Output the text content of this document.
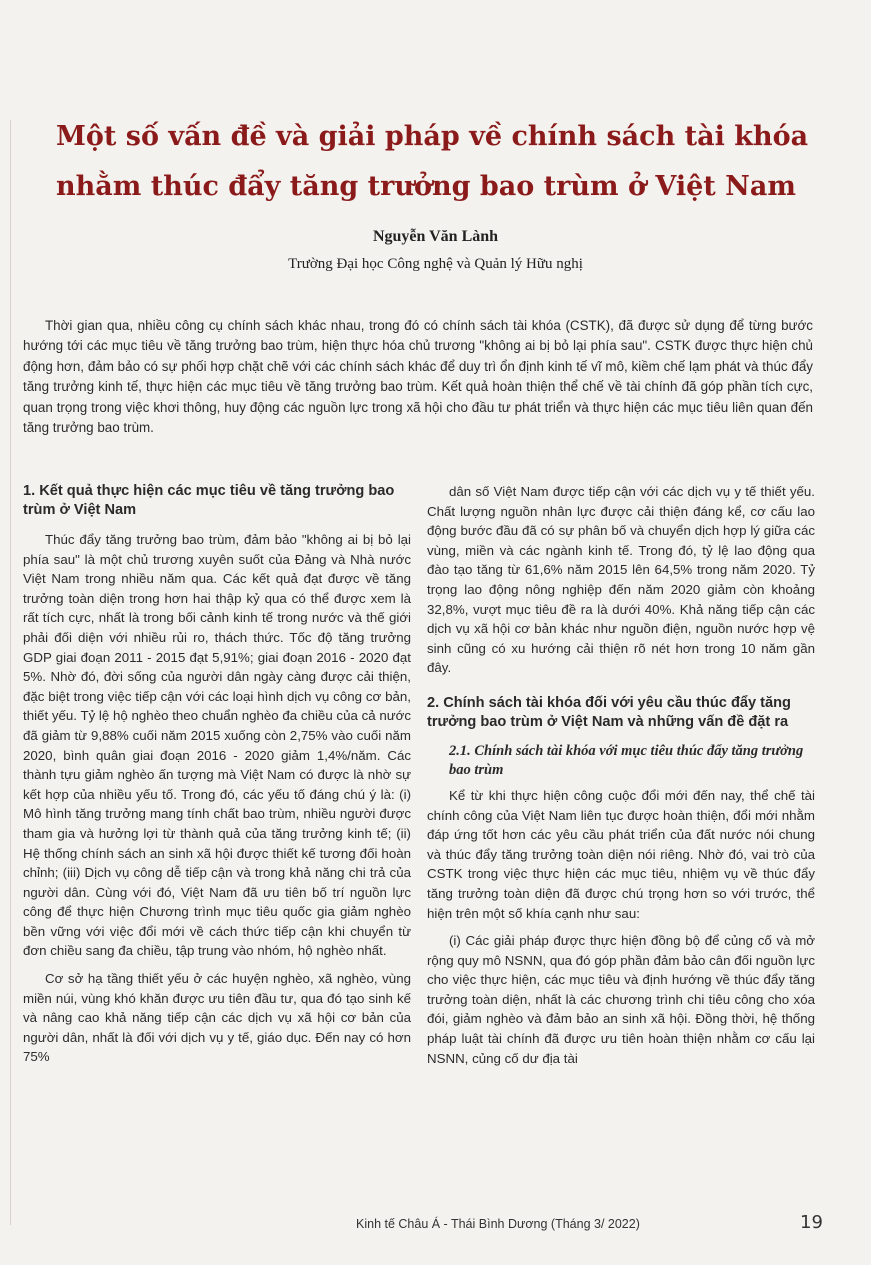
Một số vấn đề và giải pháp về chính sách tài khóa nhằm thúc đẩy tăng trưởng bao trùm ở Việt Nam

Nguyễn Văn Lành

Trường Đại học Công nghệ và Quản lý Hữu nghị

Thời gian qua, nhiều công cụ chính sách khác nhau, trong đó có chính sách tài khóa (CSTK), đã được sử dụng để từng bước hướng tới các mục tiêu về tăng trưởng bao trùm, hiện thực hóa chủ trương "không ai bị bỏ lại phía sau". CSTK được thực hiện chủ động hơn, đảm bảo có sự phối hợp chặt chẽ với các chính sách khác để duy trì ổn định kinh tế vĩ mô, kiềm chế lạm phát và thúc đẩy tăng trưởng kinh tế, thực hiện các mục tiêu về tăng trưởng bao trùm. Kết quả hoàn thiện thể chế về tài chính đã góp phần tích cực, quan trọng trong việc khơi thông, huy động các nguồn lực trong xã hội cho đầu tư phát triển và thực hiện các mục tiêu liên quan đến tăng trưởng bao trùm.

1. Kết quả thực hiện các mục tiêu về tăng trưởng bao trùm ở Việt Nam

Thúc đẩy tăng trưởng bao trùm, đảm bảo "không ai bị bỏ lại phía sau" là một chủ trương xuyên suốt của Đảng và Nhà nước Việt Nam trong nhiều năm qua. Các kết quả đạt được về tăng trưởng toàn diện trong hơn hai thập kỷ qua có thể được xem là rất tích cực, nhất là trong bối cảnh kinh tế trong nước và thế giới phải đối diện với nhiều rủi ro, thách thức. Tốc độ tăng trưởng GDP giai đoạn 2011 - 2015 đạt 5,91%; giai đoạn 2016 - 2020 đạt 5%. Nhờ đó, đời sống của người dân ngày càng được cải thiện, đặc biệt trong việc tiếp cận với các loại hình dịch vụ công cơ bản, thiết yếu. Tỷ lệ hộ nghèo theo chuẩn nghèo đa chiều của cả nước đã giảm từ 9,88% cuối năm 2015 xuống còn 2,75% vào cuối năm 2020, bình quân giai đoạn 2016 - 2020 giảm 1,4%/năm. Các thành tựu giảm nghèo ấn tượng mà Việt Nam có được là nhờ sự kết hợp của nhiều yếu tố. Trong đó, các yếu tố đáng chú ý là: (i) Mô hình tăng trưởng mang tính chất bao trùm, nhiều người được tham gia và hưởng lợi từ thành quả của tăng trưởng kinh tế; (ii) Hệ thống chính sách an sinh xã hội được thiết kế tương đối hoàn chỉnh; (iii) Dịch vụ công dễ tiếp cận và trong khả năng chi trả của người dân. Cùng với đó, Việt Nam đã ưu tiên bố trí nguồn lực công để thực hiện Chương trình mục tiêu quốc gia giảm nghèo bền vững với việc đổi mới về cách thức tiếp cận khi chuyển từ đơn chiều sang đa chiều, tập trung vào nhóm, hộ nghèo nhất.

Cơ sở hạ tầng thiết yếu ở các huyện nghèo, xã nghèo, vùng miền núi, vùng khó khăn được ưu tiên đầu tư, qua đó tạo sinh kế và nâng cao khả năng tiếp cận các dịch vụ xã hội cơ bản của người dân, nhất là đối với dịch vụ y tế, giáo dục. Đến nay có hơn 75%

dân số Việt Nam được tiếp cận với các dịch vụ y tế thiết yếu. Chất lượng nguồn nhân lực được cải thiện đáng kể, cơ cấu lao động bước đầu đã có sự phân bố và chuyển dịch hợp lý giữa các vùng, miền và các ngành kinh tế. Trong đó, tỷ lệ lao động qua đào tạo tăng từ 61,6% năm 2015 lên 64,5% trong năm 2020. Tỷ trọng lao động nông nghiệp đến năm 2020 giảm còn khoảng 32,8%, vượt mục tiêu đề ra là dưới 40%. Khả năng tiếp cận các dịch vụ xã hội cơ bản khác như nguồn điện, nguồn nước hợp vệ sinh cũng có xu hướng cải thiện rõ nét hơn trong 10 năm gần đây.

2. Chính sách tài khóa đối với yêu cầu thúc đẩy tăng trưởng bao trùm ở Việt Nam và những vấn đề đặt ra
2.1. Chính sách tài khóa với mục tiêu thúc đẩy tăng trưởng bao trùm

Kể từ khi thực hiện công cuộc đổi mới đến nay, thể chế tài chính công của Việt Nam liên tục được hoàn thiện, đổi mới nhằm đáp ứng tốt hơn các yêu cầu phát triển của đất nước nói chung và thúc đẩy tăng trưởng toàn diện nói riêng. Nhờ đó, vai trò của CSTK trong việc thực hiện các mục tiêu, nhiệm vụ về thúc đẩy tăng trưởng toàn diện đã được chú trọng hơn so với trước, thể hiện trên một số khía cạnh như sau:

(i) Các giải pháp được thực hiện đồng bộ để củng cố và mở rộng quy mô NSNN, qua đó góp phần đảm bảo cân đối nguồn lực cho việc thực hiện, các mục tiêu và định hướng về thúc đẩy tăng trưởng toàn diện, nhất là các chương trình chi tiêu công cho xóa đói, giảm nghèo và đảm bảo an sinh xã hội. Đồng thời, hệ thống pháp luật tài chính đã được ưu tiên hoàn thiện nhằm cơ cấu lại NSNN, củng cố dư địa tài

Kinh tế Châu Á - Thái Bình Dương (Tháng 3/ 2022)	19
